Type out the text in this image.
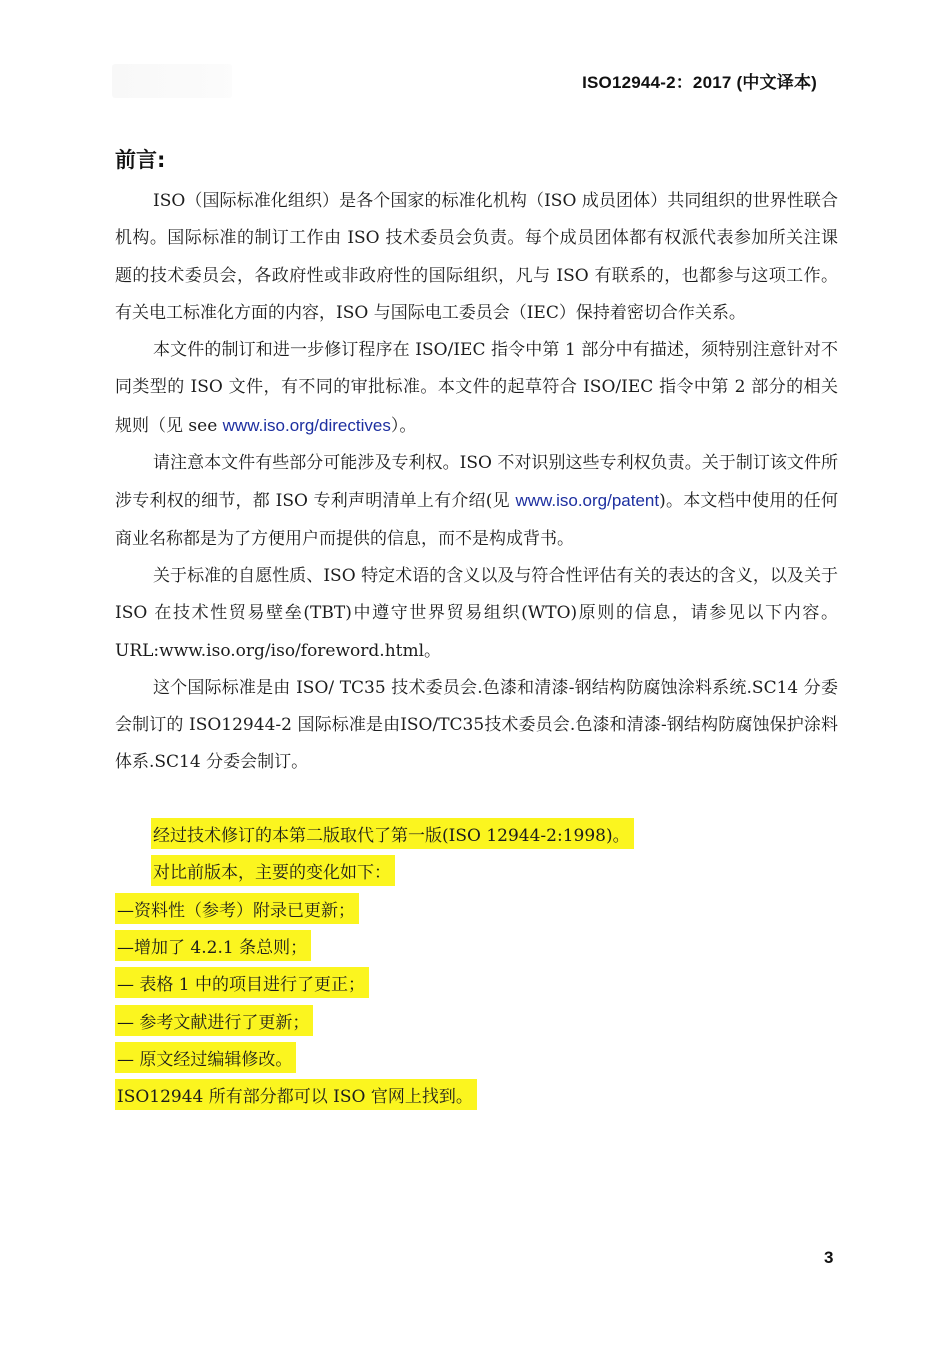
ISO12944-2：2017 (中文译本)
前言:

ISO（国际标准化组织）是各个国家的标准化机构（ISO 成员团体）共同组织的世界性联合机构。国际标准的制订工作由 ISO 技术委员会负责。每个成员团体都有权派代表参加所关注课题的技术委员会，各政府性或非政府性的国际组织，凡与 ISO 有联系的，也都参与这项工作。有关电工标准化方面的内容，ISO 与国际电工委员会（IEC）保持着密切合作关系。

本文件的制订和进一步修订程序在 ISO/IEC 指令中第 1 部分中有描述，须特别注意针对不同类型的 ISO 文件，有不同的审批标准。本文件的起草符合 ISO/IEC 指令中第 2 部分的相关规则（见 see www.iso.org/directives）。

请注意本文件有些部分可能涉及专利权。ISO 不对识别这些专利权负责。关于制订该文件所涉专利权的细节，都 ISO 专利声明清单上有介绍(见 www.iso.org/patent)。本文档中使用的任何商业名称都是为了方便用户而提供的信息，而不是构成背书。

关于标准的自愿性质、ISO 特定术语的含义以及与符合性评估有关的表达的含义，以及关于 ISO 在技术性贸易壁垒(TBT)中遵守世界贸易组织(WTO)原则的信息，请参见以下内容。URL:www.iso.org/iso/foreword.html。

这个国际标准是由 ISO/ TC35 技术委员会.色漆和清漆-钢结构防腐蚀涂料系统.SC14 分委会制订的 ISO12944-2 国际标准是由ISO/TC35技术委员会.色漆和清漆-钢结构防腐蚀保护涂料体系.SC14 分委会制订。

经过技术修订的本第二版取代了第一版(ISO 12944-2:1998)。
对比前版本，主要的变化如下：
—资料性（参考）附录已更新；
—增加了 4.2.1 条总则；
— 表格 1 中的项目进行了更正；
— 参考文献进行了更新；
— 原文经过编辑修改。
ISO12944 所有部分都可以 ISO 官网上找到。
3
